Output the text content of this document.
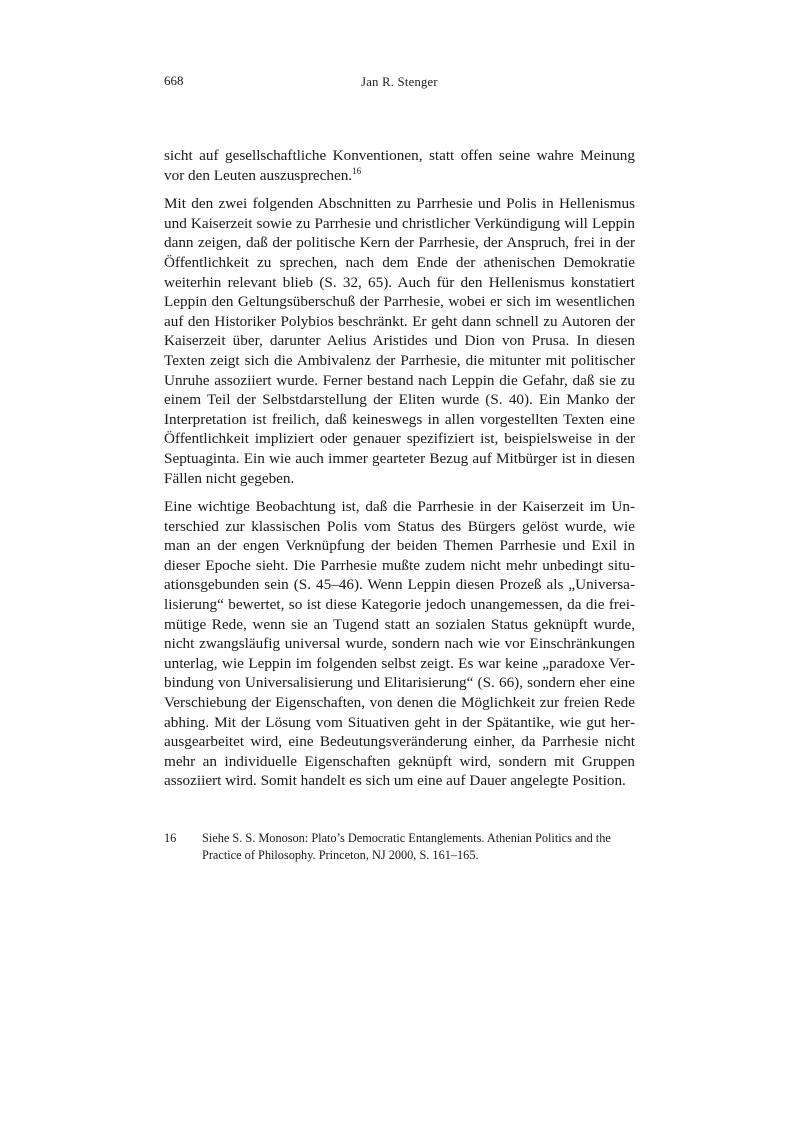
668	Jan R. Stenger

sicht auf gesellschaftliche Konventionen, statt offen seine wahre Meinung vor den Leuten auszusprechen.$^{16}$

Mit den zwei folgenden Abschnitten zu Parrhesie und Polis in Hellenismus und Kaiserzeit sowie zu Parrhesie und christlicher Verkündigung will Leppin dann zeigen, daß der politische Kern der Parrhesie, der Anspruch, frei in der Öffentlichkeit zu sprechen, nach dem Ende der athenischen Demokratie weiterhin relevant blieb (S. 32, 65). Auch für den Hellenismus konstatiert Leppin den Geltungsüberschuß der Parrhesie, wobei er sich im wesentlichen auf den Historiker Polybios beschränkt. Er geht dann schnell zu Autoren der Kaiserzeit über, darunter Aelius Aristides und Dion von Prusa. In diesen Texten zeigt sich die Ambivalenz der Parrhesie, die mitunter mit politischer Unruhe assoziiert wurde. Ferner bestand nach Leppin die Gefahr, daß sie zu einem Teil der Selbstdarstellung der Eliten wurde (S. 40). Ein Manko der Interpretation ist freilich, daß keineswegs in allen vorgestellten Texten eine Öffentlichkeit impliziert oder genauer spezifiziert ist, beispielsweise in der Septuaginta. Ein wie auch immer gearteter Bezug auf Mitbürger ist in diesen Fällen nicht gegeben.

Eine wichtige Beobachtung ist, daß die Parrhesie in der Kaiserzeit im Unterschied zur klassischen Polis vom Status des Bürgers gelöst wurde, wie man an der engen Verknüpfung der beiden Themen Parrhesie und Exil in dieser Epoche sieht. Die Parrhesie mußte zudem nicht mehr unbedingt situationsgebunden sein (S. 45–46). Wenn Leppin diesen Prozeß als „Universalisierung“ bewertet, so ist diese Kategorie jedoch unangemessen, da die freimütige Rede, wenn sie an Tugend statt an sozialen Status geknüpft wurde, nicht zwangsläufig universal wurde, sondern nach wie vor Einschränkungen unterlag, wie Leppin im folgenden selbst zeigt. Es war keine „paradoxe Verbindung von Universalisierung und Elitarisierung“ (S. 66), sondern eher eine Verschiebung der Eigenschaften, von denen die Möglichkeit zur freien Rede abhing. Mit der Lösung vom Situativen geht in der Spätantike, wie gut herausgearbeitet wird, eine Bedeutungsveränderung einher, da Parrhesie nicht mehr an individuelle Eigenschaften geknüpft wird, sondern mit Gruppen assoziiert wird. Somit handelt es sich um eine auf Dauer angelegte Position.

16	Siehe S. S. Monoson: Plato’s Democratic Entanglements. Athenian Politics and the Practice of Philosophy. Princeton, NJ 2000, S. 161–165.
